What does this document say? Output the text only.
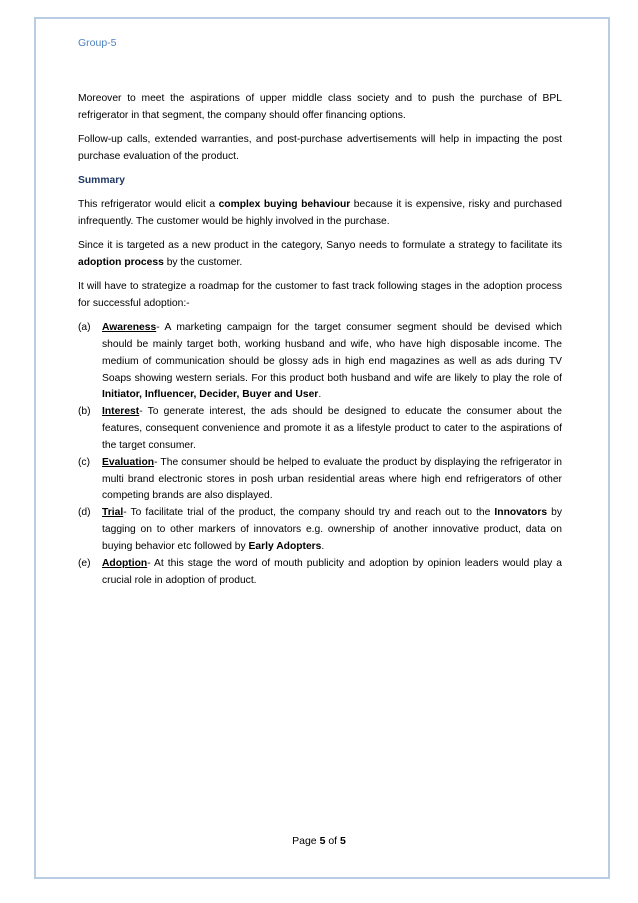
Group-5

Moreover to meet the aspirations of upper middle class society and to push the purchase of BPL refrigerator in that segment, the company should offer financing options.

Follow-up calls, extended warranties, and post-purchase advertisements will help in impacting the post purchase evaluation of the product.

Summary

This refrigerator would elicit a complex buying behaviour because it is expensive, risky and purchased infrequently. The customer would be highly involved in the purchase.

Since it is targeted as a new product in the category, Sanyo needs to formulate a strategy to facilitate its adoption process by the customer.

It will have to strategize a roadmap for the customer to fast track following stages in the adoption process for successful adoption:-

(a) Awareness- A marketing campaign for the target consumer segment should be devised which should be mainly target both, working husband and wife, who have high disposable income. The medium of communication should be glossy ads in high end magazines as well as ads during TV Soaps showing western serials. For this product both husband and wife are likely to play the role of Initiator, Influencer, Decider, Buyer and User.
(b) Interest- To generate interest, the ads should be designed to educate the consumer about the features, consequent convenience and promote it as a lifestyle product to cater to the aspirations of the target consumer.
(c) Evaluation- The consumer should be helped to evaluate the product by displaying the refrigerator in multi brand electronic stores in posh urban residential areas where high end refrigerators of other competing brands are also displayed.
(d) Trial- To facilitate trial of the product, the company should try and reach out to the Innovators by tagging on to other markers of innovators e.g. ownership of another innovative product, data on buying behavior etc followed by Early Adopters.
(e) Adoption- At this stage the word of mouth publicity and adoption by opinion leaders would play a crucial role in adoption of product.
Page 5 of 5
